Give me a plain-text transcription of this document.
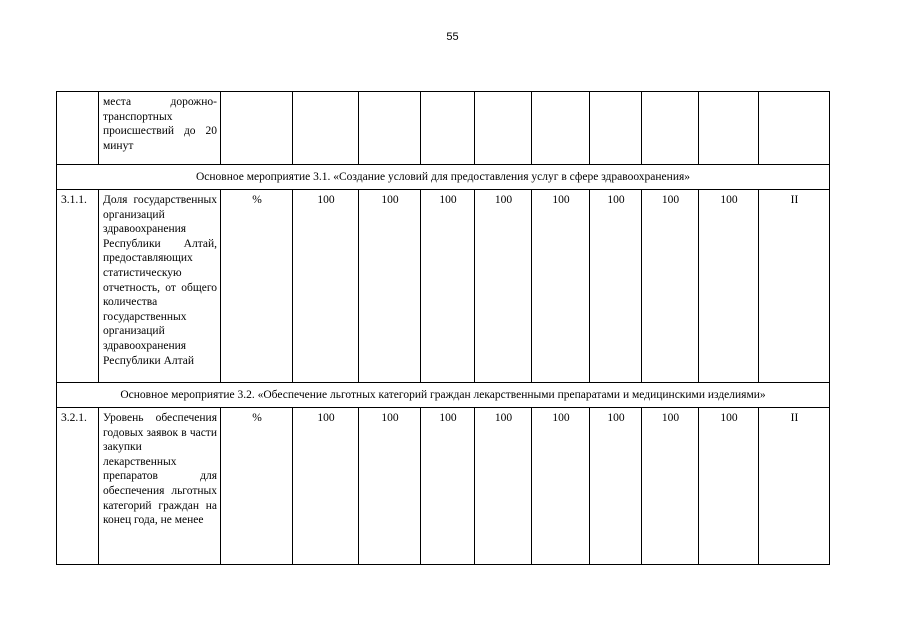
55
	места дорожно-транспортных происшествий до 20 минут										
Основное мероприятие 3.1. «Создание условий для предоставления услуг в сфере здравоохранения»											
3.1.1.	Доля государственных организаций здравоохранения Республики Алтай, предоставляющих статистическую отчетность, от общего количества государственных организаций здравоохранения Республики Алтай	%	100	100	100	100	100	100	100	100	II
Основное мероприятие 3.2. «Обеспечение льготных категорий граждан лекарственными препаратами и медицинскими изделиями»											
3.2.1.	Уровень обеспечения годовых заявок в части закупки лекарственных препаратов для обеспечения льготных категорий граждан на конец года, не менее	%	100	100	100	100	100	100	100	100	II
